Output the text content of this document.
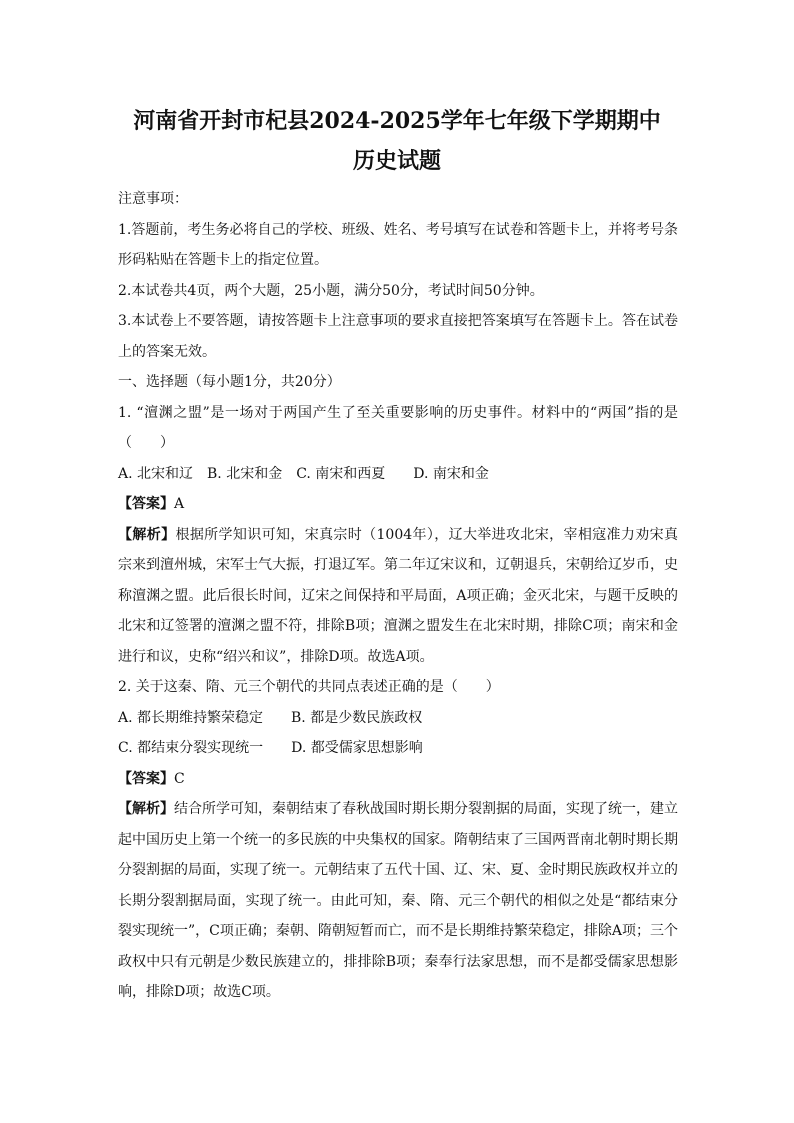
河南省开封市杞县2024-2025学年七年级下学期期中
历史试题

注意事项：

1.答题前，考生务必将自己的学校、班级、姓名、考号填写在试卷和答题卡上，并将考号条形码粘贴在答题卡上的指定位置。

2.本试卷共4页，两个大题，25小题，满分50分，考试时间50分钟。

3.本试卷上不要答题，请按答题卡上注意事项的要求直接把答案填写在答题卡上。答在试卷上的答案无效。

一、选择题（每小题1分，共20分）

1. “澶渊之盟”是一场对于两国产生了至关重要影响的历史事件。材料中的“两国”指的是（　　）

A. 北宋和辽　B. 北宋和金　C. 南宋和西夏　　D. 南宋和金

【答案】A

【解析】根据所学知识可知，宋真宗时（1004年），辽大举进攻北宋，宰相寇准力劝宋真宗来到澶州城，宋军士气大振，打退辽军。第二年辽宋议和，辽朝退兵，宋朝给辽岁币，史称澶渊之盟。此后很长时间，辽宋之间保持和平局面，A项正确；金灭北宋，与题干反映的北宋和辽签署的澶渊之盟不符，排除B项；澶渊之盟发生在北宋时期，排除C项；南宋和金进行和议，史称“绍兴和议”，排除D项。故选A项。

2. 关于这秦、隋、元三个朝代的共同点表述正确的是（　　）

A. 都长期维持繁荣稳定　　B. 都是少数民族政权

C. 都结束分裂实现统一　　D. 都受儒家思想影响

【答案】C

【解析】结合所学可知，秦朝结束了春秋战国时期长期分裂割据的局面，实现了统一，建立起中国历史上第一个统一的多民族的中央集权的国家。隋朝结束了三国两晋南北朝时期长期分裂割据的局面，实现了统一。元朝结束了五代十国、辽、宋、夏、金时期民族政权并立的长期分裂割据局面，实现了统一。由此可知，秦、隋、元三个朝代的相似之处是“都结束分裂实现统一”，C项正确；秦朝、隋朝短暂而亡，而不是长期维持繁荣稳定，排除A项；三个政权中只有元朝是少数民族建立的，排排除B项；秦奉行法家思想，而不是都受儒家思想影响，排除D项；故选C项。
